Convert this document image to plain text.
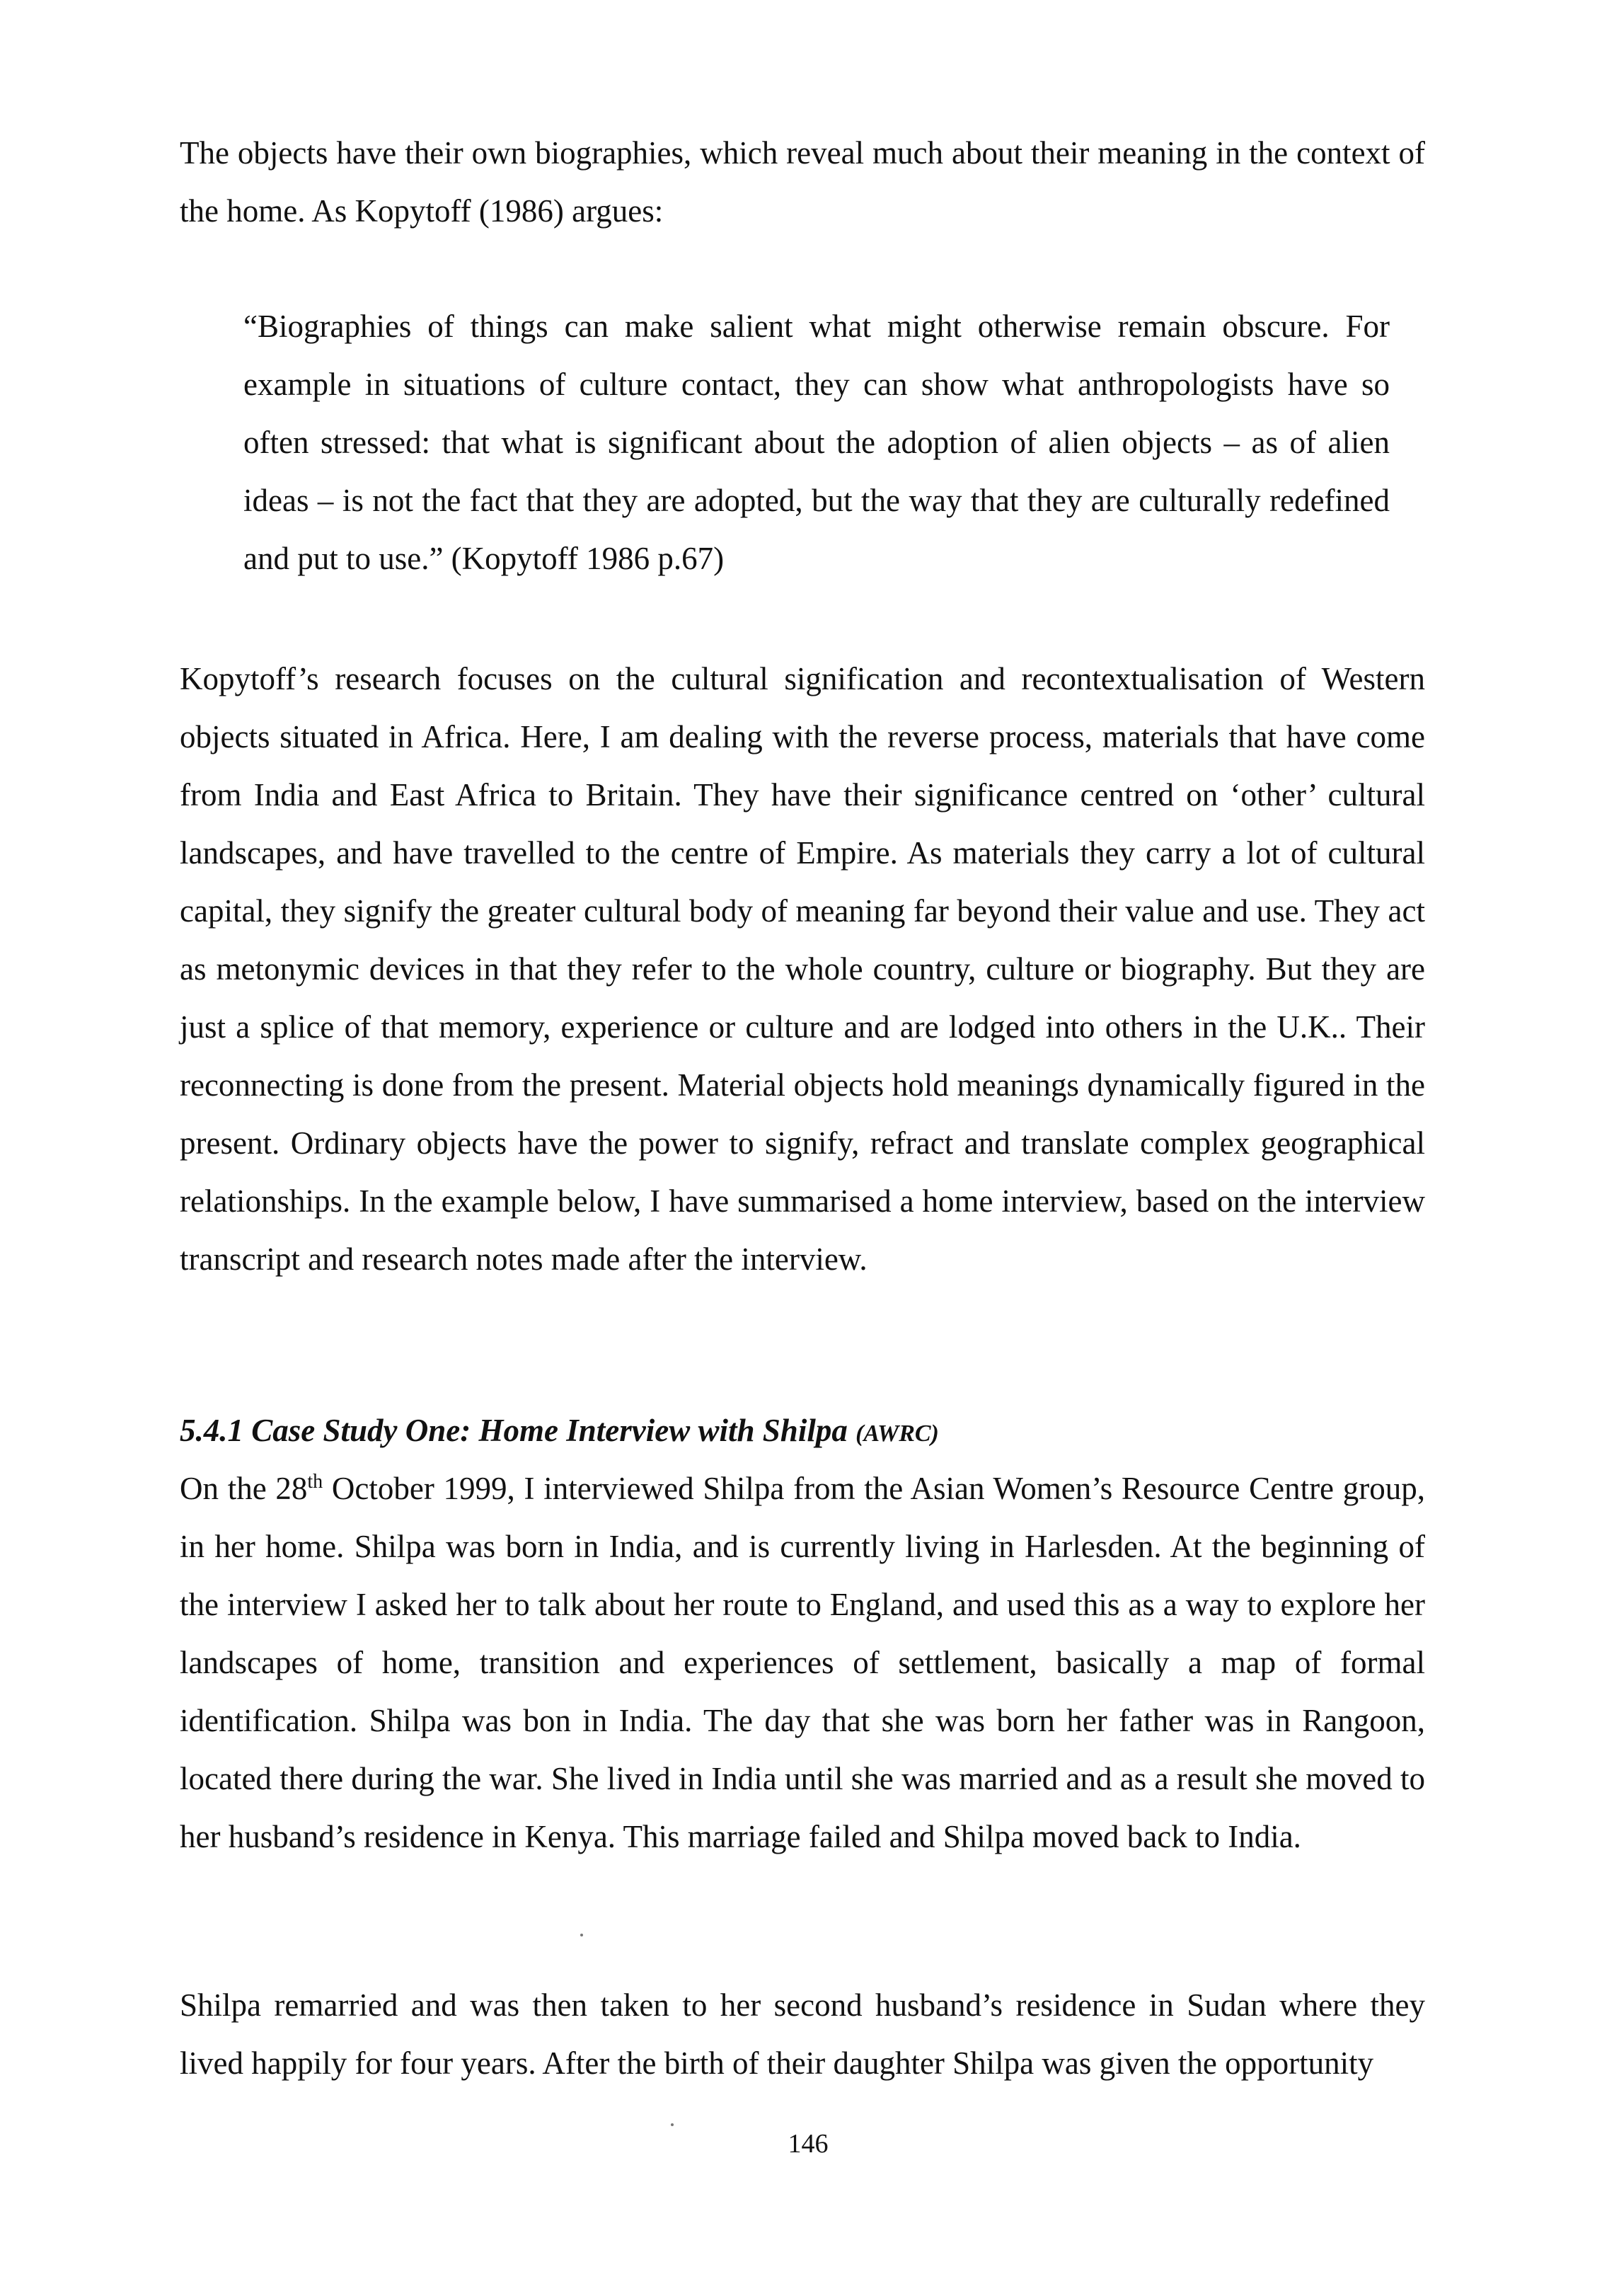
The objects have their own biographies, which reveal much about their meaning in the context of the home. As Kopytoff (1986) argues:

“Biographies of things can make salient what might otherwise remain obscure. For example in situations of culture contact, they can show what anthropologists have so often stressed: that what is significant about the adoption of alien objects – as of alien ideas – is not the fact that they are adopted, but the way that they are culturally redefined and put to use.” (Kopytoff 1986 p.67)

Kopytoff’s research focuses on the cultural signification and recontextualisation of Western objects situated in Africa. Here, I am dealing with the reverse process, materials that have come from India and East Africa to Britain. They have their significance centred on ‘other’ cultural landscapes, and have travelled to the centre of Empire. As materials they carry a lot of cultural capital, they signify the greater cultural body of meaning far beyond their value and use. They act as metonymic devices in that they refer to the whole country, culture or biography. But they are just a splice of that memory, experience or culture and are lodged into others in the U.K.. Their reconnecting is done from the present. Material objects hold meanings dynamically figured in the present. Ordinary objects have the power to signify, refract and translate complex geographical relationships. In the example below, I have summarised a home interview, based on the interview transcript and research notes made after the interview.

5.4.1 Case Study One: Home Interview with Shilpa (AWRC)

On the 28th October 1999, I interviewed Shilpa from the Asian Women’s Resource Centre group, in her home. Shilpa was born in India, and is currently living in Harlesden. At the beginning of the interview I asked her to talk about her route to England, and used this as a way to explore her landscapes of home, transition and experiences of settlement, basically a map of formal identification. Shilpa was bon in India. The day that she was born her father was in Rangoon, located there during the war. She lived in India until she was married and as a result she moved to her husband’s residence in Kenya. This marriage failed and Shilpa moved back to India.

Shilpa remarried and was then taken to her second husband’s residence in Sudan where they lived happily for four years. After the birth of their daughter Shilpa was given the opportunity

146
